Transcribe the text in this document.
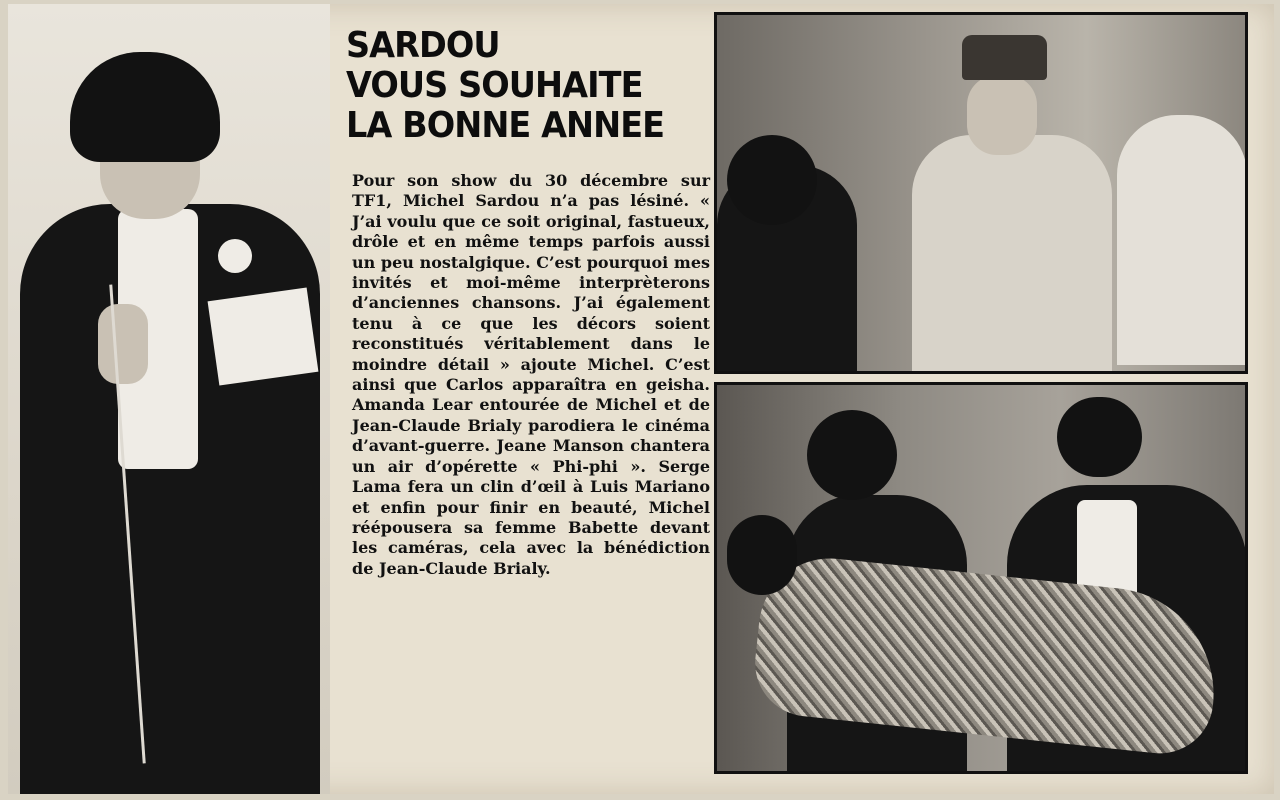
SARDOU
VOUS SOUHAITE
LA BONNE ANNEE

Pour son show du 30 décembre sur TF1, Michel Sardou n’a pas lésiné. « J’ai voulu que ce soit original, fastueux, drôle et en même temps parfois aussi un peu nostalgique. C’est pourquoi mes invités et moi-même interprèterons d’anciennes chansons. J’ai également tenu à ce que les décors soient reconstitués véritablement dans le moindre détail » ajoute Michel. C’est ainsi que Carlos apparaîtra en geisha. Amanda Lear entourée de Michel et de Jean-Claude Brialy parodiera le cinéma d’avant-guerre. Jeane Manson chantera un air d’opérette « Phi-phi ». Serge Lama fera un clin d’œil à Luis Mariano et enfin pour finir en beauté, Michel réépousera sa femme Babette devant les caméras, cela avec la bénédiction de Jean-Claude Brialy.
